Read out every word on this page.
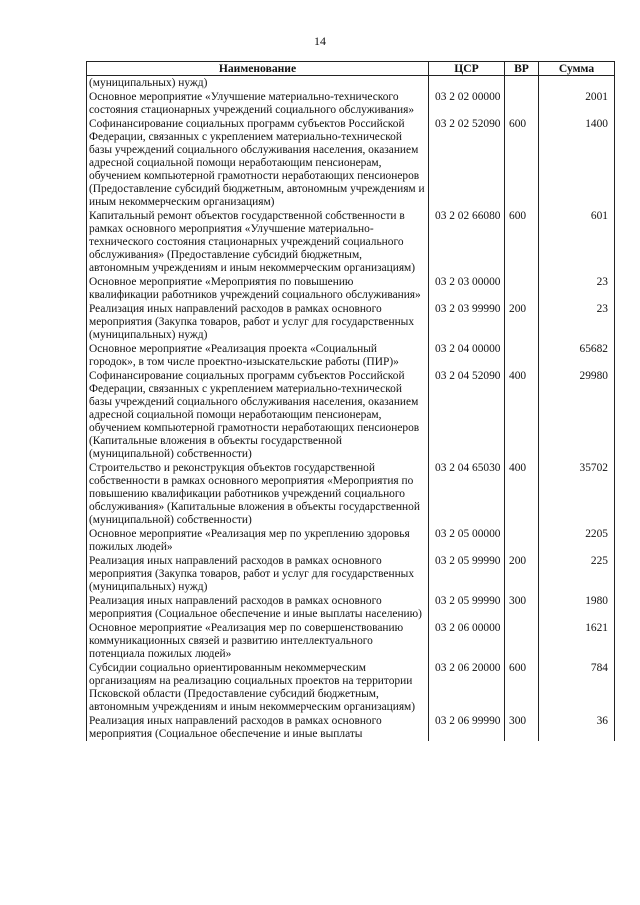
14
Наименование	ЦСР	ВР	Сумма
(муниципальных) нужд)			
Основное мероприятие «Улучшение материально-технического состояния стационарных учреждений социального обслуживания»	03 2 02 00000		2001
Софинансирование социальных программ субъектов Российской Федерации, связанных с укреплением материально-технической базы учреждений социального обслуживания населения, оказанием адресной социальной помощи неработающим пенсионерам, обучением компьютерной грамотности неработающих пенсионеров (Предоставление субсидий бюджетным, автономным учреждениям и иным некоммерческим организациям)	03 2 02 52090	600	1400
Капитальный ремонт объектов государственной собственности в рамках основного мероприятия «Улучшение материально-технического состояния стационарных учреждений социального обслуживания» (Предоставление субсидий бюджетным, автономным учреждениям и иным некоммерческим организациям)	03 2 02 66080	600	601
Основное мероприятие «Мероприятия по повышению квалификации работников учреждений социального обслуживания»	03 2 03 00000		23
Реализация иных направлений расходов в рамках основного мероприятия (Закупка товаров, работ и услуг для государственных (муниципальных) нужд)	03 2 03 99990	200	23
Основное мероприятие «Реализация проекта «Социальный городок», в том числе проектно-изыскательские работы (ПИР)»	03 2 04 00000		65682
Софинансирование социальных программ субъектов Российской Федерации, связанных с укреплением материально-технической базы учреждений социального обслуживания населения, оказанием адресной социальной помощи неработающим пенсионерам, обучением компьютерной грамотности неработающих пенсионеров (Капитальные вложения в объекты государственной (муниципальной) собственности)	03 2 04 52090	400	29980
Строительство и реконструкция объектов государственной собственности в рамках основного мероприятия «Мероприятия по повышению квалификации работников учреждений социального обслуживания» (Капитальные вложения в объекты государственной (муниципальной) собственности)	03 2 04 65030	400	35702
Основное мероприятие «Реализация мер по укреплению здоровья пожилых людей»	03 2 05 00000		2205
Реализация иных направлений расходов в рамках основного мероприятия (Закупка товаров, работ и услуг для государственных (муниципальных) нужд)	03 2 05 99990	200	225
Реализация иных направлений расходов в рамках основного мероприятия (Социальное обеспечение и иные выплаты населению)	03 2 05 99990	300	1980
Основное мероприятие «Реализация мер по совершенствованию коммуникационных связей и развитию интеллектуального потенциала пожилых людей»	03 2 06 00000		1621
Субсидии социально ориентированным некоммерческим организациям на реализацию социальных проектов на территории Псковской области (Предоставление субсидий бюджетным, автономным учреждениям и иным некоммерческим организациям)	03 2 06 20000	600	784
Реализация иных направлений расходов в рамках основного мероприятия (Социальное обеспечение и иные выплаты	03 2 06 99990	300	36
